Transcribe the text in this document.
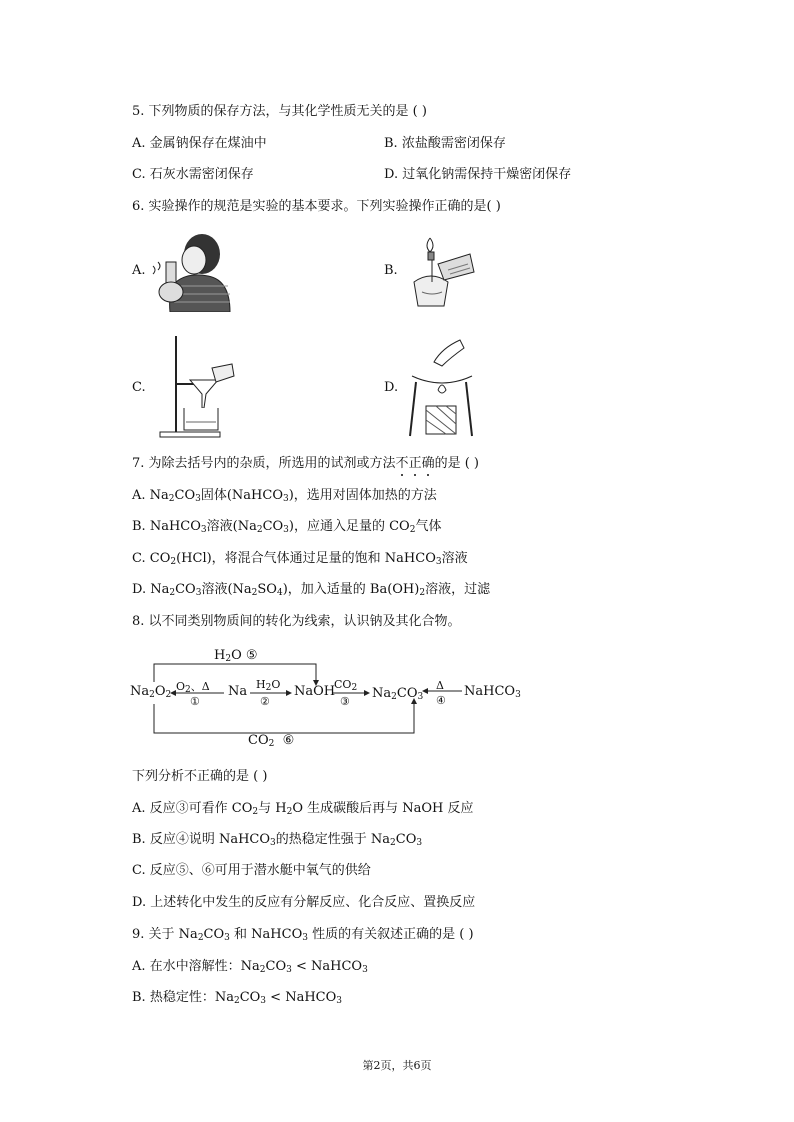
5. 下列物质的保存方法，与其化学性质无关的是 ( )
A. 金属钠保存在煤油中	B. 浓盐酸需密闭保存
C. 石灰水需密闭保存	D. 过氧化钠需保持干燥密闭保存
6. 实验操作的规范是实验的基本要求。下列实验操作正确的是( )
A.	B.
C.	D.
7. 为除去括号内的杂质，所选用的试剂或方法不正确的是 ( )
A. $Na_2CO_3$固体(NaHCO$_3$)，选用对固体加热的方法
B. NaHCO$_3$溶液$(Na_2CO_3)$，应通入足量的 $CO_2$气体
C. $CO_2(HCl)$，将混合气体通过足量的饱和 NaHCO$_3$溶液
D. $Na_2CO_3$溶液$(Na_2SO_4)$，加入适量的 $Ba(OH)_2$溶液，过滤
8. 以不同类别物质间的转化为线索，认识钠及其化合物。
$Na_2O_2$
$O_2$、Δ
①
Na $H_2O$
②
NaOH
$CO_2$
③
$Na_2CO_3$
Δ
④
NaHCO$_3$
$H_2O$ ⑤
$CO_2$ ⑥
下列分析不正确的是 ( )
A. 反应③可看作 $CO_2$与 $H_2O$ 生成碳酸后再与 NaOH 反应
B. 反应④说明 NaHCO$_3$的热稳定性强于 $Na_2CO_3$
C. 反应⑤、⑥可用于潜水艇中氧气的供给
D. 上述转化中发生的反应有分解反应、化合反应、置换反应
9. 关于 $Na_2CO_3$ 和 NaHCO$_3$ 性质的有关叙述正确的是 ( )
A. 在水中溶解性：$Na_2CO_3$ < NaHCO$_3$
B. 热稳定性：$Na_2CO_3$ < NaHCO$_3$
第2页，共6页
